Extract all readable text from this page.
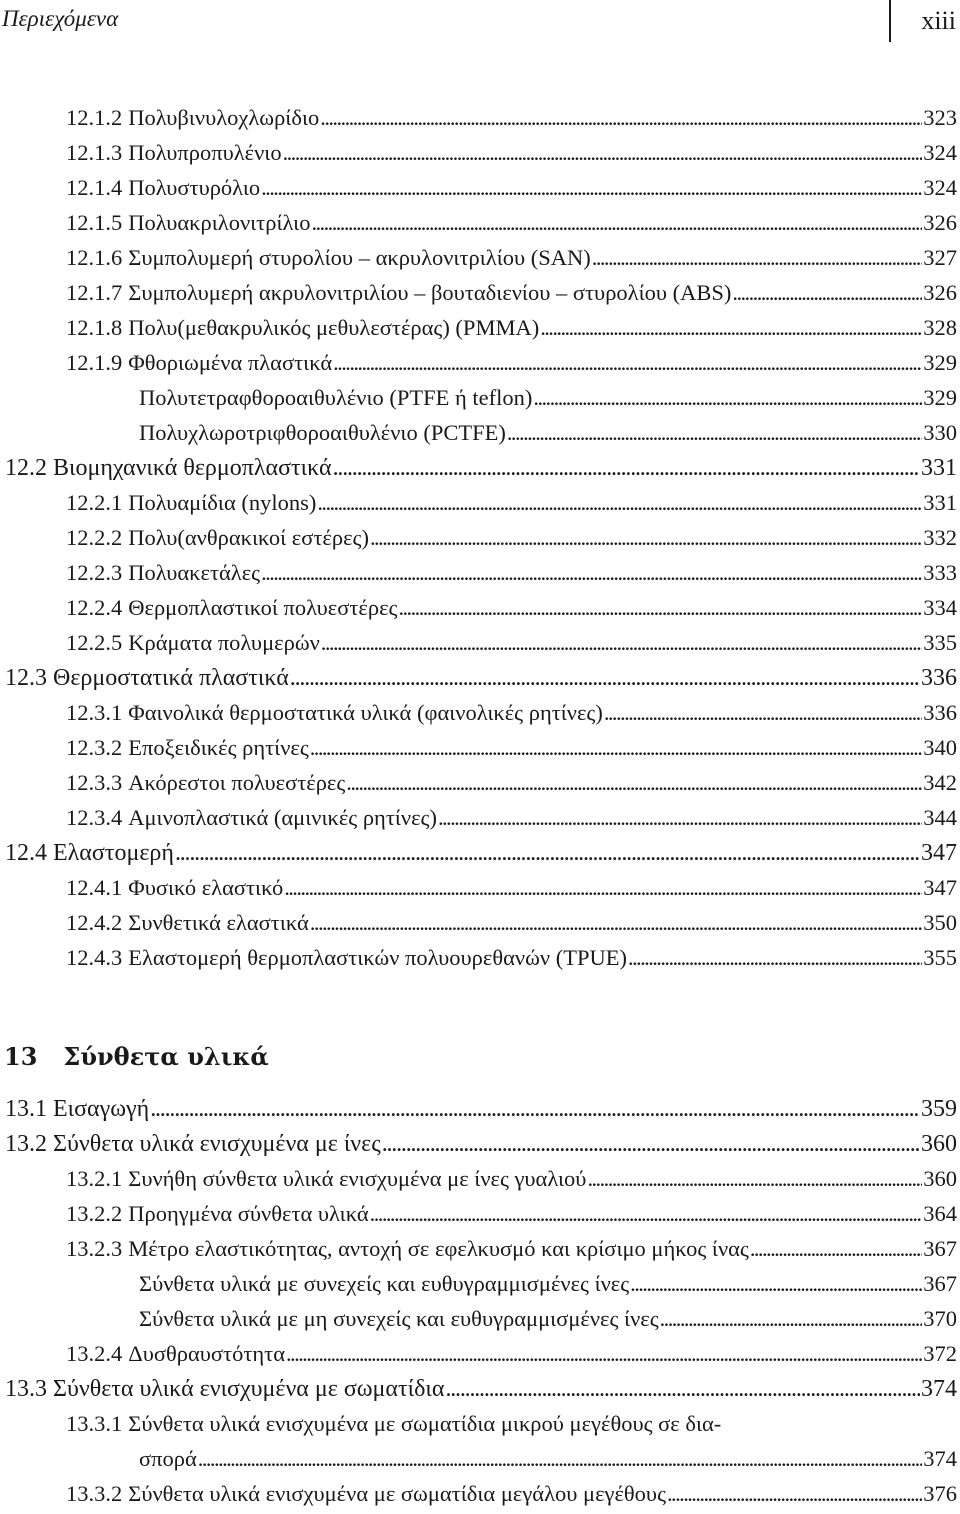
Περιεχόμενα	xiii
12.1.2 Πολυβινυλοχλωρίδιο . . .	323
12.1.3 Πολυπροπυλένιο . . .	324
12.1.4 Πολυστυρόλιο . . .	324
12.1.5 Πολυακριλονιτρίλιο . . .	326
12.1.6 Συμπολυμερή στυρολίου – ακρυλονιτριλίου (SAN) . . .	327
12.1.7 Συμπολυμερή ακρυλονιτριλίου – βουταδιενίου – στυρολίου (ABS) . . .	326
12.1.8 Πολυ(μεθακρυλικός μεθυλεστέρας) (PMMA) . . .	328
12.1.9 Φθοριωμένα πλαστικά . . .	329
Πολυτετραφθοροαιθυλένιο (PTFE ή teflon) . . .	329
Πολυχλωροτριφθοροαιθυλένιο (PCTFE) . . .	330
12.2 Βιομηχανικά θερμοπλαστικά . . .	331
12.2.1 Πολυαμίδια (nylons) . . .	331
12.2.2 Πολυ(ανθρακικοί εστέρες) . . .	332
12.2.3 Πολυακετάλες . . .	333
12.2.4 Θερμοπλαστικοί πολυεστέρες . . .	334
12.2.5 Κράματα πολυμερών . . .	335
12.3 Θερμοστατικά πλαστικά . . .	336
12.3.1 Φαινολικά θερμοστατικά υλικά (φαινολικές ρητίνες) . . .	336
12.3.2 Εποξειδικές ρητίνες . . .	340
12.3.3 Ακόρεστοι πολυεστέρες . . .	342
12.3.4 Αμινοπλαστικά (αμινικές ρητίνες) . . .	344
12.4 Ελαστομερή . . .	347
12.4.1 Φυσικό ελαστικό . . .	347
12.4.2 Συνθετικά ελαστικά . . .	350
12.4.3 Ελαστομερή θερμοπλαστικών πολυουρεθανών (TPUE) . . .	355
13.1 Εισαγωγή . . .	359
13.2 Σύνθετα υλικά ενισχυμένα με ίνες . . .	360
13.2.1 Συνήθη σύνθετα υλικά ενισχυμένα με ίνες γυαλιού . . .	360
13.2.2 Προηγμένα σύνθετα υλικά . . .	364
13.2.3 Μέτρο ελαστικότητας, αντοχή σε εφελκυσμό και κρίσιμο μήκος ίνας . . .	367
Σύνθετα υλικά με συνεχείς και ευθυγραμμισμένες ίνες . . .	367
Σύνθετα υλικά με μη συνεχείς και ευθυγραμμισμένες ίνες . . .	370
13.2.4 Δυσθραυστότητα . . .	372
13.3 Σύνθετα υλικά ενισχυμένα με σωματίδια . . .	374
13.3.1 Σύνθετα υλικά ενισχυμένα με σωματίδια μικρού μεγέθους σε δια-
σπορά . . .	374
13.3.2 Σύνθετα υλικά ενισχυμένα με σωματίδια μεγάλου μεγέθους . . .	376
13 Σύνθετα υλικά
